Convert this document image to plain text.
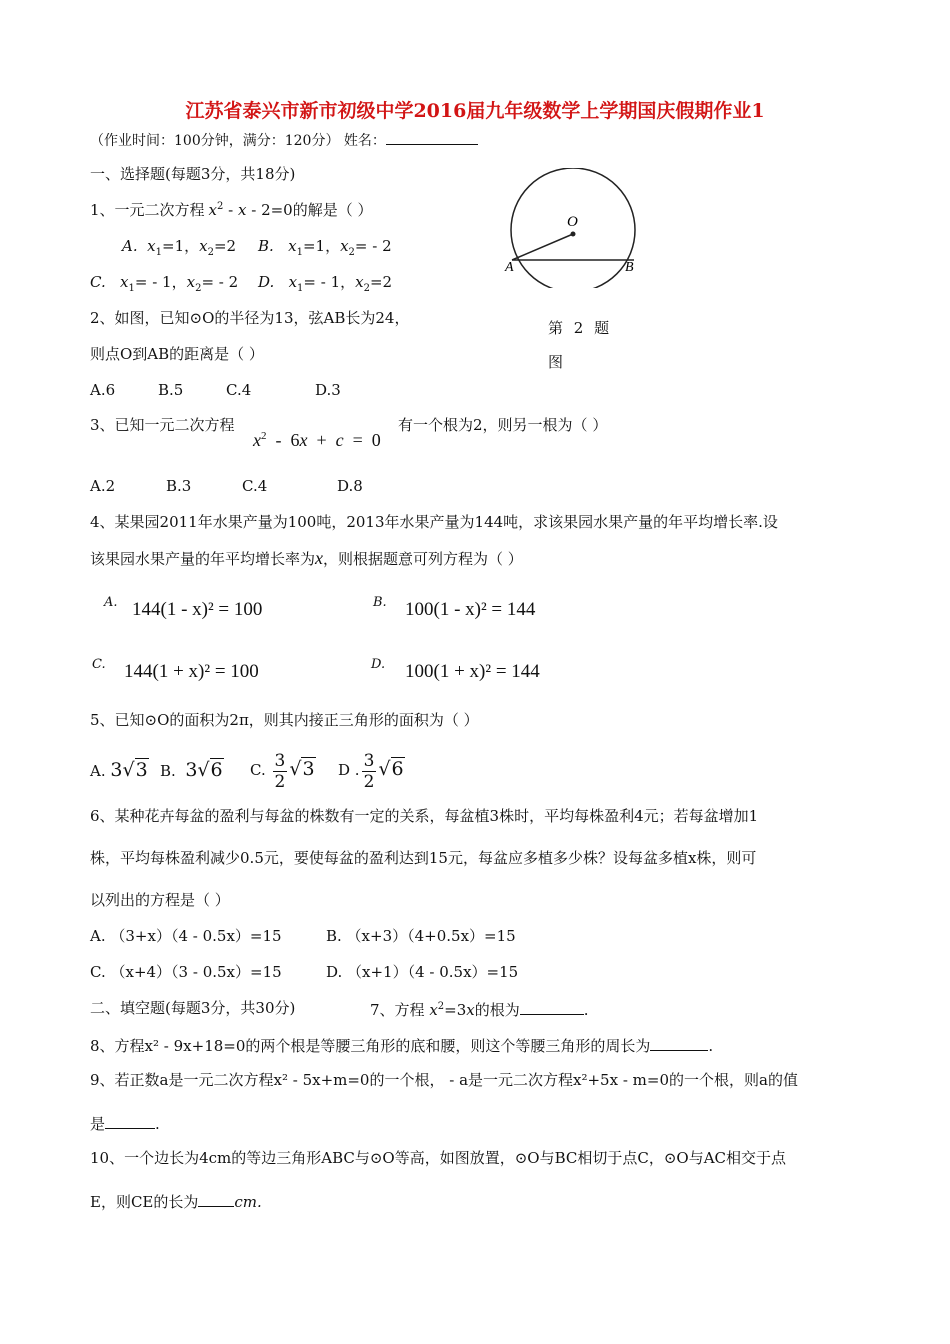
江苏省泰兴市新市初级中学2016届九年级数学上学期国庆假期作业1
（作业时间：100分钟，满分：120分） 姓名：
一、选择题(每题3分，共18分)
1、一元二次方程 $x^2 - x - 2=0$的解是（ ）
A. $x_1=1$，$x_2=2$ B. $x_1=1$，$x_2= - 2$
C. $x_1= - 1$，$x_2= - 2$ D. $x_1= - 1$，$x_2=2$
O
A	B
第 2 题
图
2、如图，已知⊙O的半径为13，弦AB长为24，
则点O到AB的距离是（ ）
A.6	B.5	C.4	D.3
3、已知一元二次方程
$x^2 - 6x + c = 0$
有一个根为2，则另一根为（ ）
A.2	B.3	C.4	D.8
4、某果园2011年水果产量为100吨，2013年水果产量为144吨，求该果园水果产量的年平均增长率.设
该果园水果产量的年平均增长率为x，则根据题意可列方程为（ ）
A. 144(1 - x)² = 100	B. 100(1 - x)² = 144
C. 144(1 + x)² = 100	D. 100(1 + x)² = 144
5、已知⊙O的面积为2π，则其内接正三角形的面积为（ ）
A. 3√3 B. 3√6 C. $\frac{3}{2} √3$ D . $\frac{3}{2} √6$
6、某种花卉每盆的盈利与每盆的株数有一定的关系，每盆植3株时，平均每株盈利4元；若每盆增加1
株，平均每株盈利减少0.5元，要使每盆的盈利达到15元，每盆应多植多少株？设每盆多植x株，则可
以列出的方程是（ ）
A. （3+x）（4 - 0.5x）=15	B. （x+3）（4+0.5x）=15
C. （x+4）（3 - 0.5x）=15	D. （x+1）（4 - 0.5x）=15
二、填空题(每题3分，共30分)	7、方程 $x^2=3x$的根为	.
8、方程x² - 9x+18=0的两个根是等腰三角形的底和腰，则这个等腰三角形的周长为	.
9、若正数a是一元二次方程x² - 5x+m=0的一个根， - a是一元二次方程x²+5x - m=0的一个根，则a的值
是	.
10、一个边长为4cm的等边三角形ABC与⊙O等高，如图放置，⊙O与BC相切于点C，⊙O与AC相交于点
E，则CE的长为 cm.
